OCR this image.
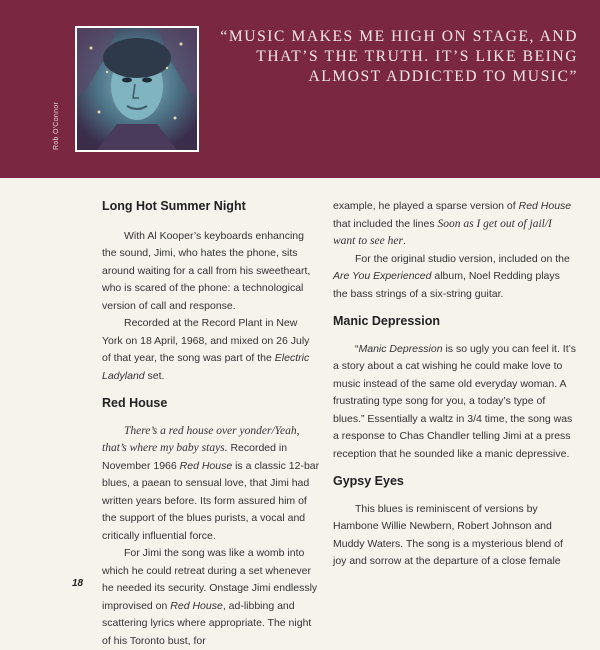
Rob O'Connor
“MUSIC MAKES ME HIGH ON STAGE, AND
THAT’S THE TRUTH. IT’S LIKE BEING
ALMOST ADDICTED TO MUSIC”
Long Hot Summer Night

With Al Kooper’s keyboards enhancing the sound, Jimi, who hates the phone, sits around waiting for a call from his sweetheart, who is scared of the phone: a technological version of call and response.

Recorded at the Record Plant in New York on 18 April, 1968, and mixed on 26 July of that year, the song was part of the Electric Ladyland set.

Red House

There’s a red house over yonder/Yeah, that’s where my baby stays. Recorded in November 1966 Red House is a classic 12-bar blues, a paean to sensual love, that Jimi had written years before. Its form assured him of the support of the blues purists, a vocal and critically influential force.

For Jimi the song was like a womb into which he could retreat during a set whenever he needed its security. Onstage Jimi endlessly improvised on Red House, ad-libbing and scattering lyrics where appropriate. The night of his Toronto bust, for

example, he played a sparse version of Red House that included the lines Soon as I get out of jail/I want to see her.

For the original studio version, included on the Are You Experienced album, Noel Redding plays the bass strings of a six-string guitar.

Manic Depression

“Manic Depression is so ugly you can feel it. It’s a story about a cat wishing he could make love to music instead of the same old everyday woman. A frustrating type song for you, a today’s type of blues.” Essentially a waltz in 3/4 time, the song was a response to Chas Chandler telling Jimi at a press reception that he sounded like a manic depressive.

Gypsy Eyes

This blues is reminiscent of versions by Hambone Willie Newbern, Robert Johnson and Muddy Waters. The song is a mysterious blend of joy and sorrow at the departure of a close female

18
